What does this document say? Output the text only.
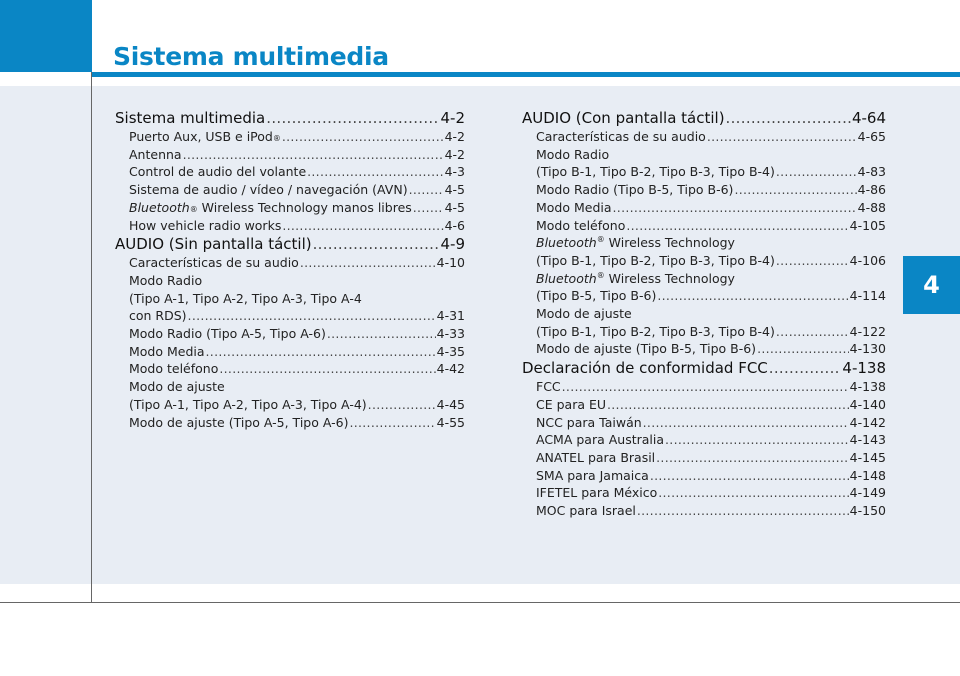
Sistema multimedia
4
Sistema multimedia .....	4-2
Puerto Aux, USB e iPod ® .....	4-2
Antenna .....	4-2
Control de audio del volante .....	4-3
Sistema de audio / vídeo / navegación (AVN) .....	4-5
Bluetooth ® Wireless Technology manos libres .....	4-5
How vehicle radio works .....	4-6
AUDIO (Sin pantalla táctil) .....	4-9
Características de su audio .....	4-10
Modo Radio
(Tipo A-1, Tipo A-2, Tipo A-3, Tipo A-4
con RDS) .....	4-31
Modo Radio (Tipo A-5, Tipo A-6) .....	4-33
Modo Media .....	4-35
Modo teléfono .....	4-42
Modo de ajuste
(Tipo A-1, Tipo A-2, Tipo A-3, Tipo A-4) .....	4-45
Modo de ajuste (Tipo A-5, Tipo A-6) .....	4-55
AUDIO (Con pantalla táctil) .....	4-64
Características de su audio .....	4-65
Modo Radio
(Tipo B-1, Tipo B-2, Tipo B-3, Tipo B-4) .....	4-83
Modo Radio (Tipo B-5, Tipo B-6) .....	4-86
Modo Media .....	4-88
Modo teléfono .....	4-105
Bluetooth® Wireless Technology
(Tipo B-1, Tipo B-2, Tipo B-3, Tipo B-4) .....	4-106
Bluetooth® Wireless Technology
(Tipo B-5, Tipo B-6) .....	4-114
Modo de ajuste
(Tipo B-1, Tipo B-2, Tipo B-3, Tipo B-4) .....	4-122
Modo de ajuste (Tipo B-5, Tipo B-6) .....	4-130
Declaración de conformidad FCC .....	4-138
FCC .....	4-138
CE para EU .....	4-140
NCC para Taiwán .....	4-142
ACMA para Australia .....	4-143
ANATEL para Brasil .....	4-145
SMA para Jamaica .....	4-148
IFETEL para México .....	4-149
MOC para Israel .....	4-150
